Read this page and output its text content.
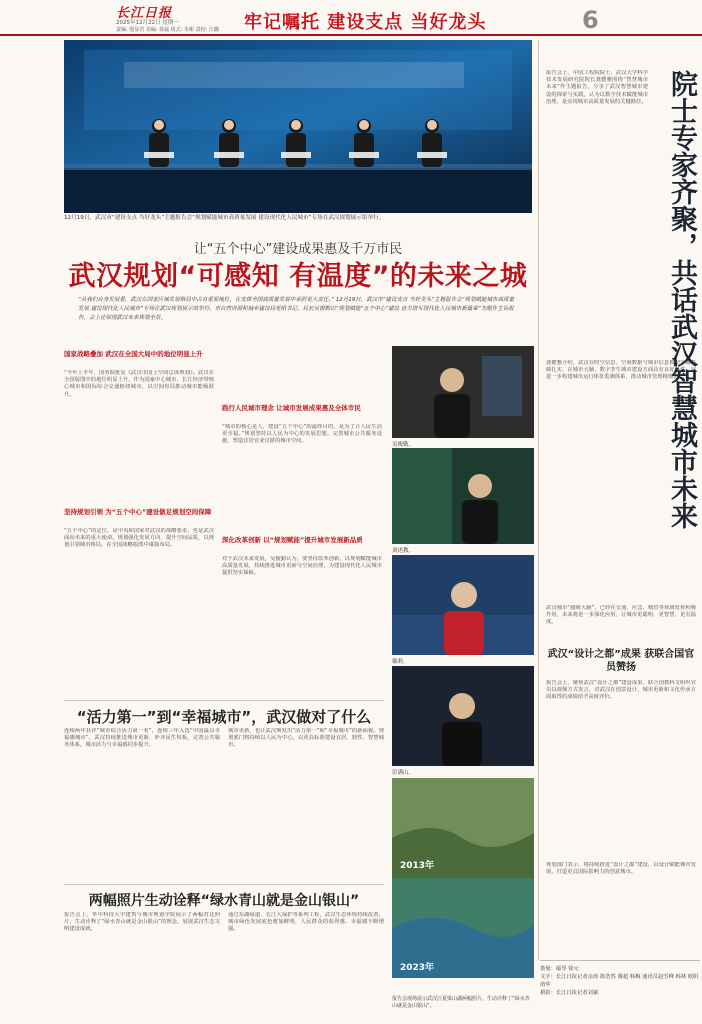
长江日报
2025年12月22日 星期一
责编: 殷显君 美编: 徐磊 组式: 朱彬 责校: 江璐 牢记嘱托 建设支点 当好龙头	6
12月19日，武汉市“建设支点 当好龙头”主题报告会“规划赋能城市高质量发展 建设现代化人民城市”专场在武汉规划展示馆举行。
让“五个中心”建设成果惠及千万市民
武汉规划“可感知 有温度”的未来之城
“从我们自身发展看，武汉在国家区域发展格局中占有重要地位，在支撑全国高质量发展中承担更大责任。” 12月19日，武汉市“建设支点 当好龙头”主题报告会“规划赋能城市高质量发展 建设现代化人民城市”专场在武汉规划展示馆举行。市自然资源和城乡建设局党组书记、局长吴俊勤以“规划赋能“五个中心”建设 奋力谱写现代化人民城市新篇章”为题作主旨报告，会上还展现武汉未来规划全景。
国家战略叠加 武汉在全国大局中的地位明显上升
“今年上半年，国务院批复《武汉市国土空间总体规划》。武汉在全国版图中的地位明显上升，作为国家中心城市、长江经济带核心城市和国际综合交通枢纽城市，以空间布局推动城市能级跃升。
坚持规划引领 为“五个中心”建设做足规划空间保障
“五个中心”的定位，是中央和国家对武汉的战略要求，也是武汉面向未来的重大使命。规划强化发展方向，提升空间品质，以规划引领城市格局，在全国战略版图中谋篇布局。
践行人民城市理念 让城市发展成果惠及全体市民
“城市的核心是人，建设“五个中心”的最终目的，是为了让人民生活更幸福。”规划坚持以人民为中心的发展思想，完善城市公共服务设施，塑造宜居宜业宜游的城市空间。
深化改革创新 以“规划赋能”提升城市发展新品质
对于武汉未来发展，吴俊勤认为，要坚持改革创新，以规划赋能城市高质量发展，持续推进城市更新与空间治理，为建设现代化人民城市提供坚实保障。
“活力第一”到“幸福城市”，武汉做对了什么
连续两年获评“城市综合活力第一名”，连续三年入选“中国最具幸福感城市”，武汉持续推进城市更新，补齐民生短板，完善公共服务体系，城市活力与幸福感同步提升。
城市更新，也让武汉焕发出“活力第一”和“幸福城市”的新面貌。规划部门将持续以人民为中心，以更高标准建设宜居、韧性、智慧城市。
两幅照片生动诠释“绿水青山就是金山银山”
报告会上，华中科技大学建筑与城市规划学院展示了两幅对比照片，生动诠释了“绿水青山就是金山银山”的理念，展现武汉生态文明建设成就。
通过东湖绿道、长江大保护等系列工程，武汉生态环境持续改善，城市绿色发展底色愈加鲜明，人民群众的获得感、幸福感不断增强。
吴俊勤。
刘述教。
戴莉。
彭满山。
2013年
2023年
报告会现场展示武汉江夏梁山湖两幅照片，生动诠释了“绿水青山就是金山银山”。
报告会上，中国工程院院士、武汉大学科学技术发展研究院院长龚健雅围绕“智慧城市未来”作主题报告，分享了武汉智慧城市建设的探索与实践，认为以数字技术赋能城市治理，是实现城市高质量发展的关键路径。 院士专家齐聚，共话武汉智慧城市未来
龚健雅介绍，武汉在时空信息、空间数据与城市信息模型方面基础扎实，在城市大脑、数字孪生城市建设方面具有良好条件，应进一步构建城市运行体征监测体系，推动城市管理精细化。
武汉城市“超级大脑”，已经在交通、应急、城管等领域发挥积极作用，未来将进一步深化应用，让城市更聪明、更智慧、更有温度。
武汉“设计之都”成果 获联合国官员赞扬
报告会上，聚焦武汉“设计之都”建设成果，联合国教科文组织官员以视频方式发言，对武汉在创意设计、城市更新和文化传承方面取得的成绩给予高度评价。
规划部门表示，将持续推进“设计之都”建设，以设计赋能城市发展，打造更具国际影响力的创意城市。
策划：鄢琴 徐元
文字：长江日报记者余涛 陈浩然 谢超 韩梅 通讯员赵雪峰 韩林 欧阳靖华
摄影：长江日报记者刘斌
